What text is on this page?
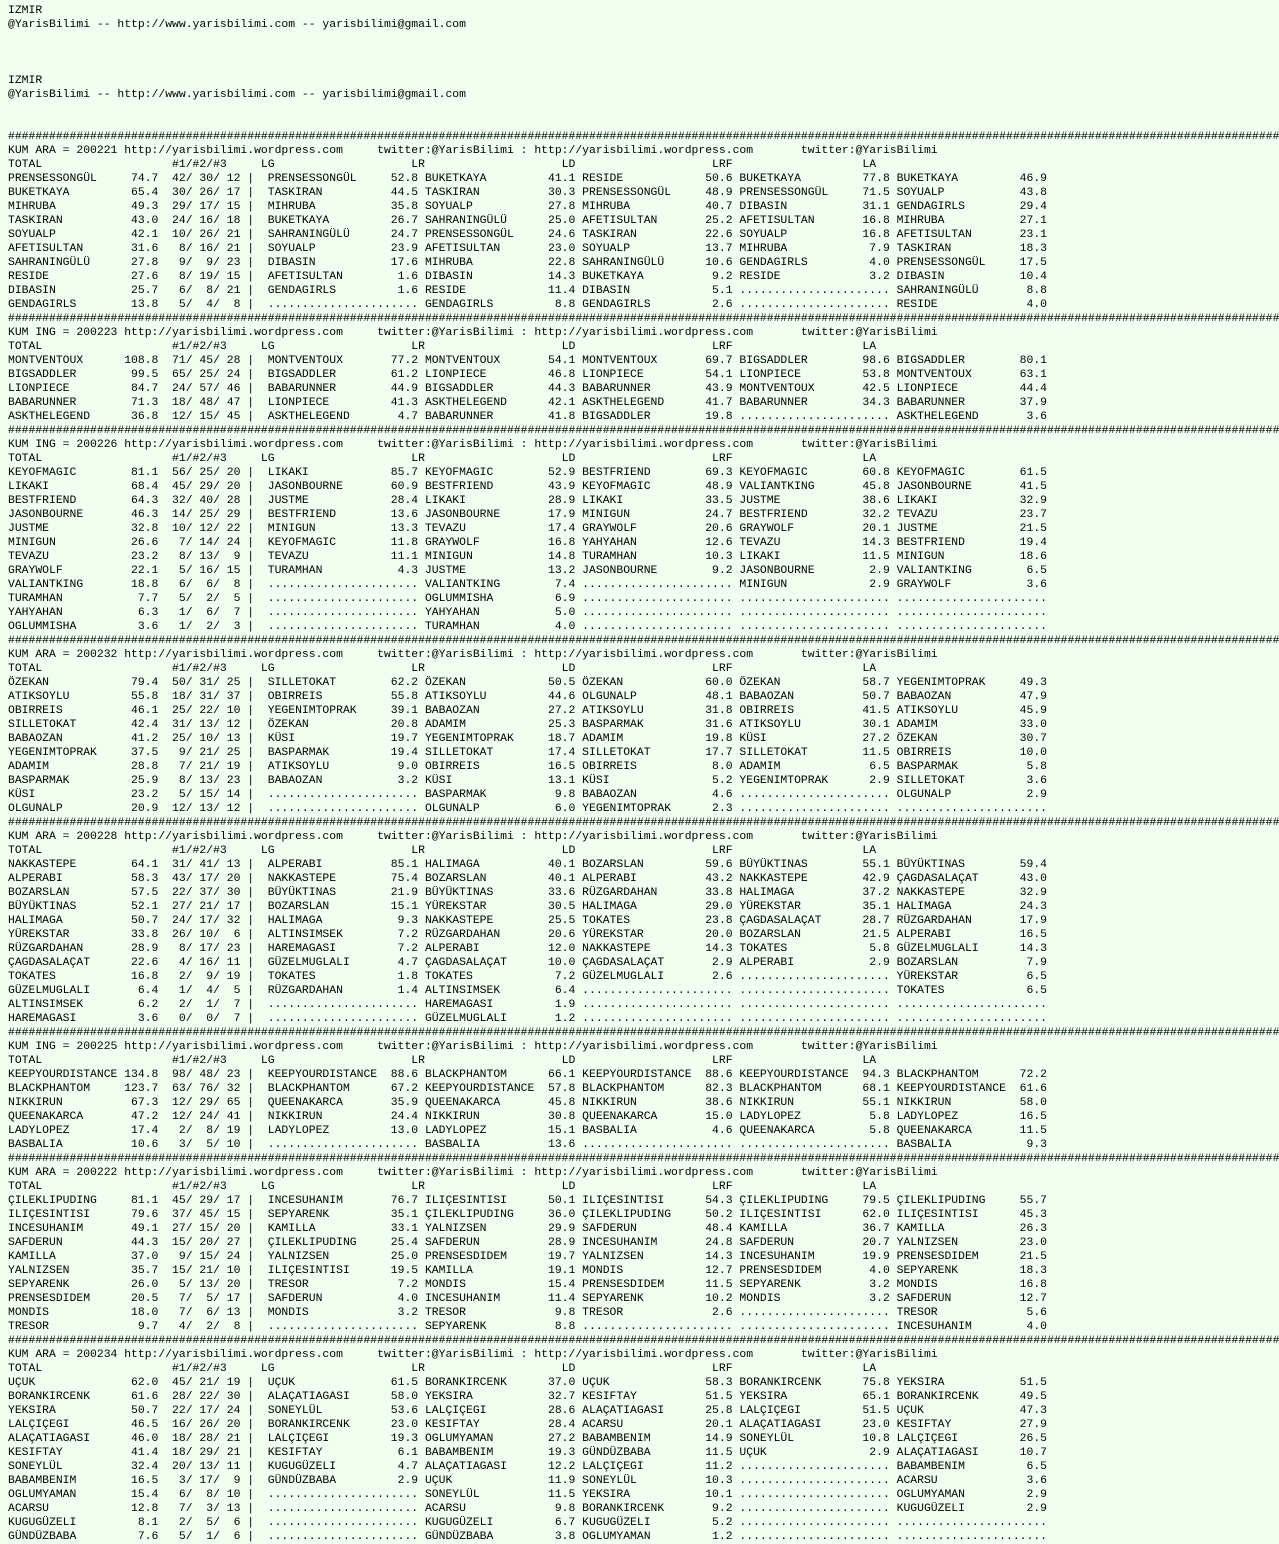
IZMIR
@YarisBilimi -- http://www.yarisbilimi.com -- yarisbilimi@gmail.com

IZMIR
@YarisBilimi -- http://www.yarisbilimi.com -- yarisbilimi@gmail.com

##########################################################################################################################################################################################
KUM ARA = 200221 http://yarisbilimi.wordpress.com     twitter:@YarisBilimi : http://yarisbilimi.wordpress.com       twitter:@YarisBilimi
TOTAL                   #1/#2/#3     LG                    LR                    LD                    LRF                   LA
PRENSESSONGÜL     74.7  42/ 30/ 12 |  PRENSESSONGÜL     52.8 BUKETKAYA         41.1 RESIDE            50.6 BUKETKAYA         77.8 BUKETKAYA         46.9
BUKETKAYA         65.4  30/ 26/ 17 |  TASKIRAN          44.5 TASKIRAN          30.3 PRENSESSONGÜL     48.9 PRENSESSONGÜL     71.5 SOYUALP           43.8
MIHRUBA           49.3  29/ 17/ 15 |  MIHRUBA           35.8 SOYUALP           27.8 MIHRUBA           40.7 DIBASIN           31.1 GENDAGIRLS        29.4
TASKIRAN          43.0  24/ 16/ 18 |  BUKETKAYA         26.7 SAHRANINGÜLÜ      25.0 AFETISULTAN       25.2 AFETISULTAN       16.8 MIHRUBA           27.1
SOYUALP           42.1  10/ 26/ 21 |  SAHRANINGÜLÜ      24.7 PRENSESSONGÜL     24.6 TASKIRAN          22.6 SOYUALP           16.8 AFETISULTAN       23.1
AFETISULTAN       31.6   8/ 16/ 21 |  SOYUALP           23.9 AFETISULTAN       23.0 SOYUALP           13.7 MIHRUBA            7.9 TASKIRAN          18.3
SAHRANINGÜLÜ      27.8   9/  9/ 23 |  DIBASIN           17.6 MIHRUBA           22.8 SAHRANINGÜLÜ      10.6 GENDAGIRLS         4.0 PRENSESSONGÜL     17.5
RESIDE            27.6   8/ 19/ 15 |  AFETISULTAN        1.6 DIBASIN           14.3 BUKETKAYA          9.2 RESIDE             3.2 DIBASIN           10.4
DIBASIN           25.7   6/  8/ 21 |  GENDAGIRLS         1.6 RESIDE            11.4 DIBASIN            5.1 ...................... SAHRANINGÜLÜ       8.8
GENDAGIRLS        13.8   5/  4/  8 |  ...................... GENDAGIRLS         8.8 GENDAGIRLS         2.6 ...................... RESIDE             4.0
##########################################################################################################################################################################################
KUM ING = 200223 http://yarisbilimi.wordpress.com     twitter:@YarisBilimi : http://yarisbilimi.wordpress.com       twitter:@YarisBilimi
TOTAL                   #1/#2/#3     LG                    LR                    LD                    LRF                   LA
MONTVENTOUX      108.8  71/ 45/ 28 |  MONTVENTOUX       77.2 MONTVENTOUX       54.1 MONTVENTOUX       69.7 BIGSADDLER        98.6 BIGSADDLER        80.1
BIGSADDLER        99.5  65/ 25/ 24 |  BIGSADDLER        61.2 LIONPIECE         46.8 LIONPIECE         54.1 LIONPIECE         53.8 MONTVENTOUX       63.1
LIONPIECE         84.7  24/ 57/ 46 |  BABARUNNER        44.9 BIGSADDLER        44.3 BABARUNNER        43.9 MONTVENTOUX       42.5 LIONPIECE         44.4
BABARUNNER        71.3  18/ 48/ 47 |  LIONPIECE         41.3 ASKTHELEGEND      42.1 ASKTHELEGEND      41.7 BABARUNNER        34.3 BABARUNNER        37.9
ASKTHELEGEND      36.8  12/ 15/ 45 |  ASKTHELEGEND       4.7 BABARUNNER        41.8 BIGSADDLER        19.8 ...................... ASKTHELEGEND       3.6
##########################################################################################################################################################################################
KUM ING = 200226 http://yarisbilimi.wordpress.com     twitter:@YarisBilimi : http://yarisbilimi.wordpress.com       twitter:@YarisBilimi
TOTAL                   #1/#2/#3     LG                    LR                    LD                    LRF                   LA
KEYOFMAGIC        81.1  56/ 25/ 20 |  LIKAKI            85.7 KEYOFMAGIC        52.9 BESTFRIEND        69.3 KEYOFMAGIC        60.8 KEYOFMAGIC        61.5
LIKAKI            68.4  45/ 29/ 20 |  JASONBOURNE       60.9 BESTFRIEND        43.9 KEYOFMAGIC        48.9 VALIANTKING       45.8 JASONBOURNE       41.5
BESTFRIEND        64.3  32/ 40/ 28 |  JUSTME            28.4 LIKAKI            28.9 LIKAKI            33.5 JUSTME            38.6 LIKAKI            32.9
JASONBOURNE       46.3  14/ 25/ 29 |  BESTFRIEND        13.6 JASONBOURNE       17.9 MINIGUN           24.7 BESTFRIEND        32.2 TEVAZU            23.7
JUSTME            32.8  10/ 12/ 22 |  MINIGUN           13.3 TEVAZU            17.4 GRAYWOLF          20.6 GRAYWOLF          20.1 JUSTME            21.5
MINIGUN           26.6   7/ 14/ 24 |  KEYOFMAGIC        11.8 GRAYWOLF          16.8 YAHYAHAN          12.6 TEVAZU            14.3 BESTFRIEND        19.4
TEVAZU            23.2   8/ 13/  9 |  TEVAZU            11.1 MINIGUN           14.8 TURAMHAN          10.3 LIKAKI            11.5 MINIGUN           18.6
GRAYWOLF          22.1   5/ 16/ 15 |  TURAMHAN           4.3 JUSTME            13.2 JASONBOURNE        9.2 JASONBOURNE        2.9 VALIANTKING        6.5
VALIANTKING       18.8   6/  6/  8 |  ...................... VALIANTKING        7.4 ...................... MINIGUN            2.9 GRAYWOLF           3.6
TURAMHAN           7.7   5/  2/  5 |  ...................... OGLUMMISHA         6.9 ...................... ...................... ......................
YAHYAHAN           6.3   1/  6/  7 |  ...................... YAHYAHAN           5.0 ...................... ...................... ......................
OGLUMMISHA         3.6   1/  2/  3 |  ...................... TURAMHAN           4.0 ...................... ...................... ......................
##########################################################################################################################################################################################
KUM ARA = 200232 http://yarisbilimi.wordpress.com     twitter:@YarisBilimi : http://yarisbilimi.wordpress.com       twitter:@YarisBilimi
TOTAL                   #1/#2/#3     LG                    LR                    LD                    LRF                   LA
ÖZEKAN            79.4  50/ 31/ 25 |  SILLETOKAT        62.2 ÖZEKAN            50.5 ÖZEKAN            60.0 ÖZEKAN            58.7 YEGENIMTOPRAK     49.3
ATIKSOYLU         55.8  18/ 31/ 37 |  OBIRREIS          55.8 ATIKSOYLU         44.6 OLGUNALP          48.1 BABAOZAN          50.7 BABAOZAN          47.9
OBIRREIS          46.1  25/ 22/ 10 |  YEGENIMTOPRAK     39.1 BABAOZAN          27.2 ATIKSOYLU         31.8 OBIRREIS          41.5 ATIKSOYLU         45.9
SILLETOKAT        42.4  31/ 13/ 12 |  ÖZEKAN            20.8 ADAMIM            25.3 BASPARMAK         31.6 ATIKSOYLU         30.1 ADAMIM            33.0
BABAOZAN          41.2  25/ 10/ 13 |  KÜSI              19.7 YEGENIMTOPRAK     18.7 ADAMIM            19.8 KÜSI              27.2 ÖZEKAN            30.7
YEGENIMTOPRAK     37.5   9/ 21/ 25 |  BASPARMAK         19.4 SILLETOKAT        17.4 SILLETOKAT        17.7 SILLETOKAT        11.5 OBIRREIS          10.0
ADAMIM            28.8   7/ 21/ 19 |  ATIKSOYLU          9.0 OBIRREIS          16.5 OBIRREIS           8.0 ADAMIM             6.5 BASPARMAK          5.8
BASPARMAK         25.9   8/ 13/ 23 |  BABAOZAN           3.2 KÜSI              13.1 KÜSI               5.2 YEGENIMTOPRAK      2.9 SILLETOKAT         3.6
KÜSI              23.2   5/ 15/ 14 |  ...................... BASPARMAK          9.8 BABAOZAN           4.6 ...................... OLGUNALP           2.9
OLGUNALP          20.9  12/ 13/ 12 |  ...................... OLGUNALP           6.0 YEGENIMTOPRAK      2.3 ...................... ......................
##########################################################################################################################################################################################
KUM ARA = 200228 http://yarisbilimi.wordpress.com     twitter:@YarisBilimi : http://yarisbilimi.wordpress.com       twitter:@YarisBilimi
TOTAL                   #1/#2/#3     LG                    LR                    LD                    LRF                   LA
NAKKASTEPE        64.1  31/ 41/ 13 |  ALPERABI          85.1 HALIMAGA          40.1 BOZARSLAN         59.6 BÜYÜKTINAS        55.1 BÜYÜKTINAS        59.4
ALPERABI          58.3  43/ 17/ 20 |  NAKKASTEPE        75.4 BOZARSLAN         40.1 ALPERABI          43.2 NAKKASTEPE        42.9 ÇAGDASALAÇAT      43.0
BOZARSLAN         57.5  22/ 37/ 30 |  BÜYÜKTINAS        21.9 BÜYÜKTINAS        33.6 RÜZGARDAHAN       33.8 HALIMAGA          37.2 NAKKASTEPE        32.9
BÜYÜKTINAS        52.1  27/ 21/ 17 |  BOZARSLAN         15.1 YÜREKSTAR         30.5 HALIMAGA          29.0 YÜREKSTAR         35.1 HALIMAGA          24.3
HALIMAGA          50.7  24/ 17/ 32 |  HALIMAGA           9.3 NAKKASTEPE        25.5 TOKATES           23.8 ÇAGDASALAÇAT      28.7 RÜZGARDAHAN       17.9
YÜREKSTAR         33.8  26/ 10/  6 |  ALTINSIMSEK        7.2 RÜZGARDAHAN       20.6 YÜREKSTAR         20.0 BOZARSLAN         21.5 ALPERABI          16.5
RÜZGARDAHAN       28.9   8/ 17/ 23 |  HAREMAGASI         7.2 ALPERABI          12.0 NAKKASTEPE        14.3 TOKATES            5.8 GÜZELMUGLALI      14.3
ÇAGDASALAÇAT      22.6   4/ 16/ 11 |  GÜZELMUGLALI       4.7 ÇAGDASALAÇAT      10.0 ÇAGDASALAÇAT       2.9 ALPERABI           2.9 BOZARSLAN          7.9
TOKATES           16.8   2/  9/ 19 |  TOKATES            1.8 TOKATES            7.2 GÜZELMUGLALI       2.6 ...................... YÜREKSTAR          6.5
GÜZELMUGLALI       6.4   1/  4/  5 |  RÜZGARDAHAN        1.4 ALTINSIMSEK        6.4 ...................... ...................... TOKATES            6.5
ALTINSIMSEK        6.2   2/  1/  7 |  ...................... HAREMAGASI         1.9 ...................... ...................... ......................
HAREMAGASI         3.6   0/  0/  7 |  ...................... GÜZELMUGLALI       1.2 ...................... ...................... ......................
##########################################################################################################################################################################################
KUM ING = 200225 http://yarisbilimi.wordpress.com     twitter:@YarisBilimi : http://yarisbilimi.wordpress.com       twitter:@YarisBilimi
TOTAL                   #1/#2/#3     LG                    LR                    LD                    LRF                   LA
KEEPYOURDISTANCE 134.8  98/ 48/ 23 |  KEEPYOURDISTANCE  88.6 BLACKPHANTOM      66.1 KEEPYOURDISTANCE  88.6 KEEPYOURDISTANCE  94.3 BLACKPHANTOM      72.2
BLACKPHANTOM     123.7  63/ 76/ 32 |  BLACKPHANTOM      67.2 KEEPYOURDISTANCE  57.8 BLACKPHANTOM      82.3 BLACKPHANTOM      68.1 KEEPYOURDISTANCE  61.6
NIKKIRUN          67.3  12/ 29/ 65 |  QUEENAKARCA       35.9 QUEENAKARCA       45.8 NIKKIRUN          38.6 NIKKIRUN          55.1 NIKKIRUN          58.0
QUEENAKARCA       47.2  12/ 24/ 41 |  NIKKIRUN          24.4 NIKKIRUN          30.8 QUEENAKARCA       15.0 LADYLOPEZ          5.8 LADYLOPEZ         16.5
LADYLOPEZ         17.4   2/  8/ 19 |  LADYLOPEZ         13.0 LADYLOPEZ         15.1 BASBALIA           4.6 QUEENAKARCA        5.8 QUEENAKARCA       11.5
BASBALIA          10.6   3/  5/ 10 |  ...................... BASBALIA          13.6 ...................... ...................... BASBALIA           9.3
##########################################################################################################################################################################################
KUM ARA = 200222 http://yarisbilimi.wordpress.com     twitter:@YarisBilimi : http://yarisbilimi.wordpress.com       twitter:@YarisBilimi
TOTAL                   #1/#2/#3     LG                    LR                    LD                    LRF                   LA
ÇILEKLIPUDING     81.1  45/ 29/ 17 |  INCESUHANIM       76.7 ILIÇESINTISI      50.1 ILIÇESINTISI      54.3 ÇILEKLIPUDING     79.5 ÇILEKLIPUDING     55.7
ILIÇESINTISI      79.6  37/ 45/ 15 |  SEPYARENK         35.1 ÇILEKLIPUDING     36.0 ÇILEKLIPUDING     50.2 ILIÇESINTISI      62.0 ILIÇESINTISI      45.3
INCESUHANIM       49.1  27/ 15/ 20 |  KAMILLA           33.1 YALNIZSEN         29.9 SAFDERUN          48.4 KAMILLA           36.7 KAMILLA           26.3
SAFDERUN          44.3  15/ 20/ 27 |  ÇILEKLIPUDING     25.4 SAFDERUN          28.9 INCESUHANIM       24.8 SAFDERUN          20.7 YALNIZSEN         23.0
KAMILLA           37.0   9/ 15/ 24 |  YALNIZSEN         25.0 PRENSESDIDEM      19.7 YALNIZSEN         14.3 INCESUHANIM       19.9 PRENSESDIDEM      21.5
YALNIZSEN         35.7  15/ 21/ 10 |  ILIÇESINTISI      19.5 KAMILLA           19.1 MONDIS            12.7 PRENSESDIDEM       4.0 SEPYARENK         18.3
SEPYARENK         26.0   5/ 13/ 20 |  TRESOR             7.2 MONDIS            15.4 PRENSESDIDEM      11.5 SEPYARENK          3.2 MONDIS            16.8
PRENSESDIDEM      20.5   7/  5/ 17 |  SAFDERUN           4.0 INCESUHANIM       11.4 SEPYARENK         10.2 MONDIS             3.2 SAFDERUN          12.7
MONDIS            18.0   7/  6/ 13 |  MONDIS             3.2 TRESOR             9.8 TRESOR             2.6 ...................... TRESOR             5.6
TRESOR             9.7   4/  2/  8 |  ...................... SEPYARENK          8.8 ...................... ...................... INCESUHANIM        4.0
##########################################################################################################################################################################################
KUM ARA = 200234 http://yarisbilimi.wordpress.com     twitter:@YarisBilimi : http://yarisbilimi.wordpress.com       twitter:@YarisBilimi
TOTAL                   #1/#2/#3     LG                    LR                    LD                    LRF                   LA
UÇUK              62.0  45/ 21/ 19 |  UÇUK              61.5 BORANKIRCENK      37.0 UÇUK              58.3 BORANKIRCENK      75.8 YEKSIRA           51.5
BORANKIRCENK      61.6  28/ 22/ 30 |  ALAÇATIAGASI      58.0 YEKSIRA           32.7 KESIFTAY          51.5 YEKSIRA           65.1 BORANKIRCENK      49.5
YEKSIRA           50.7  22/ 17/ 24 |  SONEYLÜL          53.6 LALÇIÇEGI         28.6 ALAÇATIAGASI      25.8 LALÇIÇEGI         51.5 UÇUK              47.3
LALÇIÇEGI         46.5  16/ 26/ 20 |  BORANKIRCENK      23.0 KESIFTAY          28.4 ACARSU            20.1 ALAÇATIAGASI      23.0 KESIFTAY          27.9
ALAÇATIAGASI      46.0  18/ 28/ 21 |  LALÇIÇEGI         19.3 OGLUMYAMAN        27.2 BABAMBENIM        14.9 SONEYLÜL          10.8 LALÇIÇEGI         26.5
KESIFTAY          41.4  18/ 29/ 21 |  KESIFTAY           6.1 BABAMBENIM        19.3 GÜNDÜZBABA        11.5 UÇUK               2.9 ALAÇATIAGASI      10.7
SONEYLÜL          32.4  20/ 13/ 11 |  KUGUGÜZELI         4.7 ALAÇATIAGASI      12.2 LALÇIÇEGI         11.2 ...................... BABAMBENIM         6.5
BABAMBENIM        16.5   3/ 17/  9 |  GÜNDÜZBABA         2.9 UÇUK              11.9 SONEYLÜL          10.3 ...................... ACARSU             3.6
OGLUMYAMAN        15.4   6/  8/ 10 |  ...................... SONEYLÜL          11.5 YEKSIRA           10.1 ...................... OGLUMYAMAN         2.9
ACARSU            12.8   7/  3/ 13 |  ...................... ACARSU             9.8 BORANKIRCENK       9.2 ...................... KUGUGÜZELI         2.9
KUGUGÜZELI         8.1   2/  5/  6 |  ...................... KUGUGÜZELI         6.7 KUGUGÜZELI         5.2 ...................... ......................
GÜNDÜZBABA         7.6   5/  1/  6 |  ...................... GÜNDÜZBABA         3.8 OGLUMYAMAN         1.2 ...................... ......................
